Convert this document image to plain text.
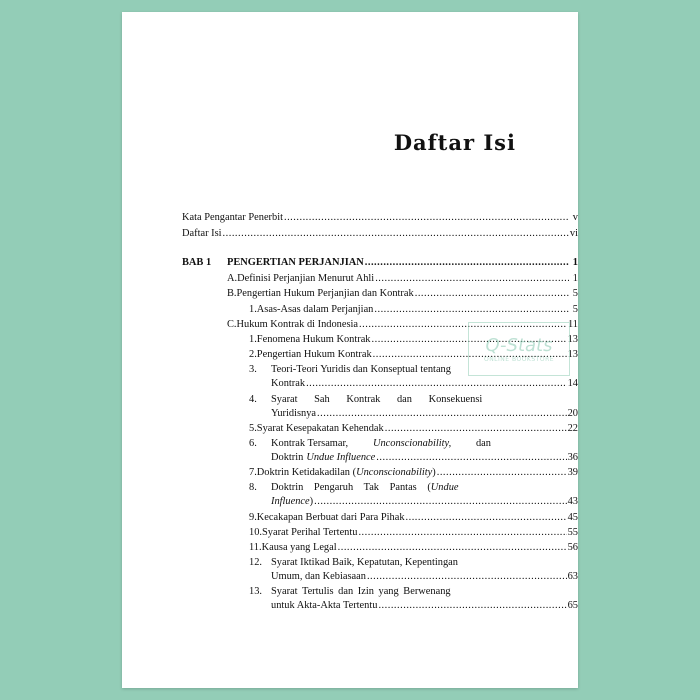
Daftar Isi
Kata Pengantar Penerbit .....	v
Daftar Isi .....	vi
BAB 1	PENGERTIAN PERJANJIAN .....	1
A. Definisi Perjanjian Menurut Ahli .....	1
B. Pengertian Hukum Perjanjian dan Kontrak .....	5
1. Asas-Asas dalam Perjanjian .....	5
C. Hukum Kontrak di Indonesia .....	11
1. Fenomena Hukum Kontrak .....	13
2. Pengertian Hukum Kontrak .....	13
3. Teori-Teori Yuridis dan Konseptual tentang
Kontrak .....	14
4. Syarat Sah Kontrak dan Konsekuensi
Yuridisnya .....	20
5. Syarat Kesepakatan Kehendak .....	22
6.	Kontrak Tersamar, Unconscionability, dan
Doktrin Undue Influence .....	36
7. Doktrin Ketidakadilan ( Unconscionability ) .....	39
8. Doktrin Pengaruh Tak Pantas (Undue
Influence ) .....	43
9. Kecakapan Berbuat dari Para Pihak .....	45
10. Syarat Perihal Tertentu .....	55
11. Kausa yang Legal .....	56
12. Syarat Iktikad Baik, Kepatutan, Kepentingan
Umum, dan Kebiasaan .....	63
13. Syarat Tertulis dan Izin yang Berwenang
untuk Akta-Akta Tertentu .....	65
Q-Stats
ONLINE BOOKSTORE
